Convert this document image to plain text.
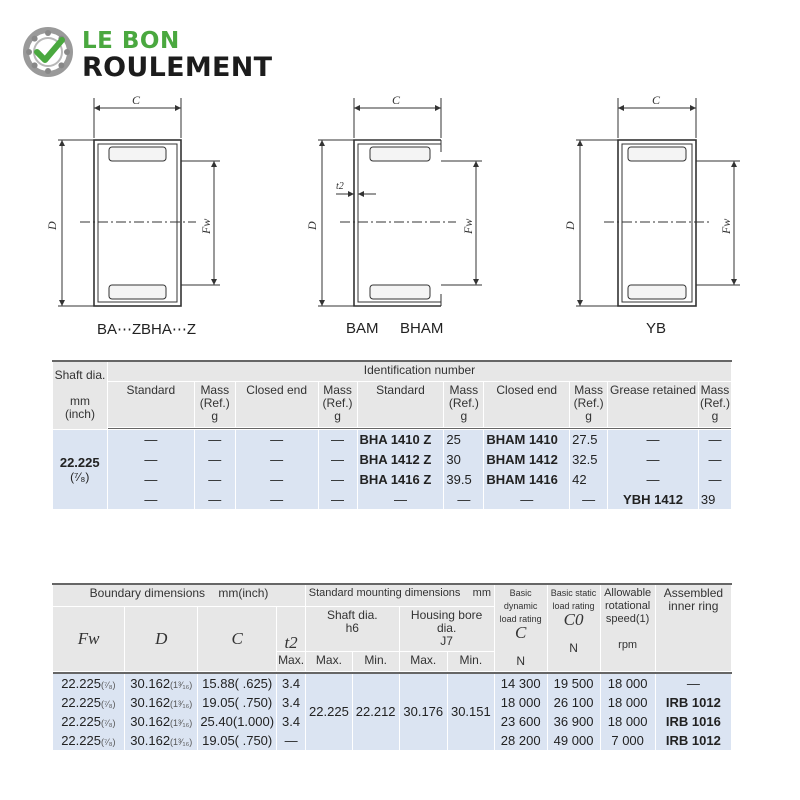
LE BON
ROULEMENT
C	C	C
D	D	D
Fw	Fw	Fw
t2
BA⋯Z BHA⋯Z	BAM BHAM	YB
Shaft dia.

mm
(inch)	Identification number									
	Standard	Mass
(Ref.)
g	Closed end	Mass
(Ref.)
g	Standard	Mass
(Ref.)
g	Closed end	Mass
(Ref.)
g	Grease retained	Mass
(Ref.)
g

22.225
(⁷⁄₈)	—	—	—	—	BHA 1410 Z	25	BHAM 1410	27.5	—	—
	—	—	—	—	BHA 1412 Z	30	BHAM 1412	32.5	—	—
	—	—	—	—	BHA 1416 Z	39.5	BHAM 1416	42	—	—
	—	—	—	—	—	—	—	—	YBH 1412	39
Boundary dimensions mm(inch)				Standard mounting dimensions mm				Basic dynamic
load rating
C

N	Basic static
load rating
C0

N	Allowable
rotational
speed(1)

rpm	Assembled
inner ring
Fw	D	C	t2	Shaft dia.
h6		Housing bore dia.
J7					
			Max.	Max.	Min.	Max.	Min.				

22.225(⁷⁄₈)	30.162(1³⁄₁₆)	15.88( .625)	3.4	22.225	22.212	30.176	30.151	14 300	19 500	18 000	—
22.225(⁷⁄₈)	30.162(1³⁄₁₆)	19.05( .750)	3.4					18 000	26 100	18 000	IRB 1012
22.225(⁷⁄₈)	30.162(1³⁄₁₆)	25.40(1.000)	3.4					23 600	36 900	18 000	IRB 1016
22.225(⁷⁄₈)	30.162(1³⁄₁₆)	19.05( .750)	—					28 200	49 000	7 000	IRB 1012
